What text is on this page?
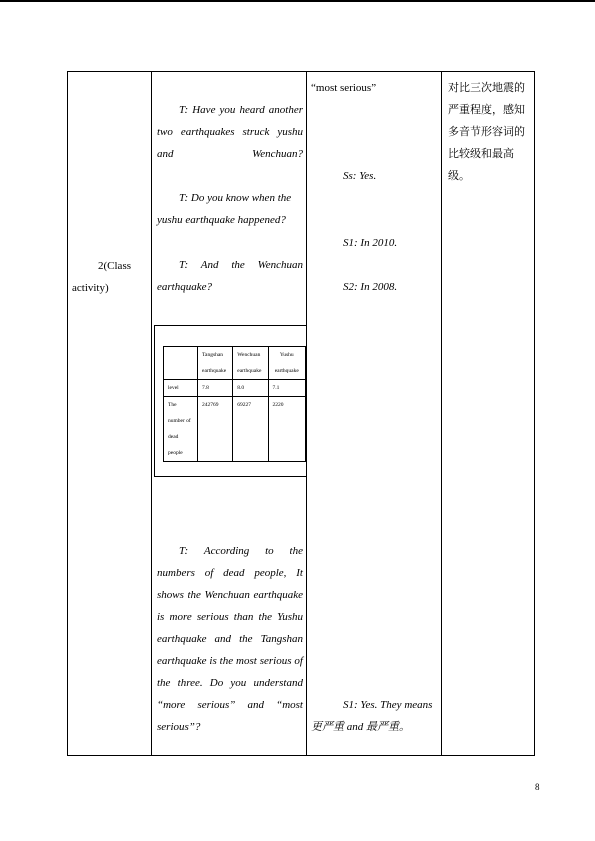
2(Class
activity)
T: Have you heard another two earthquakes struck yushu and Wenchuan?
T: Do you know when the yushu earthquake happened?
T: And the Wenchuan earthquake?
	Tangshan earthquake	Wenchuan earthquake	Yushu earthquake
level	7.8	8.0	7.1
The number of dead people	242769	69227	2220
T: According to the numbers of dead people, It shows the Wenchuan earthquake is more serious than the Yushu earthquake and the Tangshan earthquake is the most serious of the three. Do you understand “more serious” and “most serious”?
“most serious”
Ss: Yes.
S1: In 2010.
S2: In 2008.
S1: Yes. They means
更严重 and 最严重。
对比三次地震的严重程度，感知多音节形容词的比较级和最高级。
8
